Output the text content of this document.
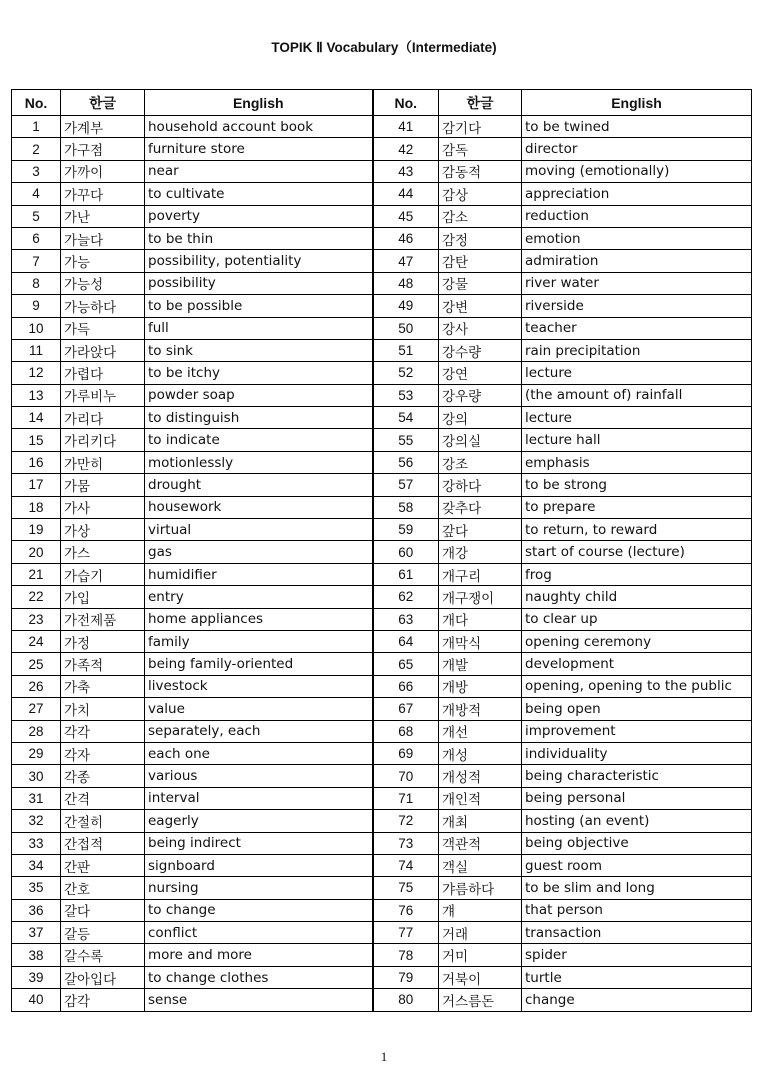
TOPIK Ⅱ Vocabulary（Intermediate)
No.	한글	English	No.	한글	English
1	가계부	household account book	41	감기다	to be twined
2	가구점	furniture store	42	감독	director
3	가까이	near	43	감동적	moving (emotionally)
4	가꾸다	to cultivate	44	감상	appreciation
5	가난	poverty	45	감소	reduction
6	가늘다	to be thin	46	감정	emotion
7	가능	possibility, potentiality	47	감탄	admiration
8	가능성	possibility	48	강물	river water
9	가능하다	to be possible	49	강변	riverside
10	가득	full	50	강사	teacher
11	가라앉다	to sink	51	강수량	rain precipitation
12	가렵다	to be itchy	52	강연	lecture
13	가루비누	powder soap	53	강우량	(the amount of) rainfall
14	가리다	to distinguish	54	강의	lecture
15	가리키다	to indicate	55	강의실	lecture hall
16	가만히	motionlessly	56	강조	emphasis
17	가뭄	drought	57	강하다	to be strong
18	가사	housework	58	갖추다	to prepare
19	가상	virtual	59	갚다	to return, to reward
20	가스	gas	60	개강	start of course (lecture)
21	가습기	humidifier	61	개구리	frog
22	가입	entry	62	개구쟁이	naughty child
23	가전제품	home appliances	63	개다	to clear up
24	가정	family	64	개막식	opening ceremony
25	가족적	being family-oriented	65	개발	development
26	가축	livestock	66	개방	opening, opening to the public
27	가치	value	67	개방적	being open
28	각각	separately, each	68	개선	improvement
29	각자	each one	69	개성	individuality
30	각종	various	70	개성적	being characteristic
31	간격	interval	71	개인적	being personal
32	간절히	eagerly	72	개최	hosting (an event)
33	간접적	being indirect	73	객관적	being objective
34	간판	signboard	74	객실	guest room
35	간호	nursing	75	갸름하다	to be slim and long
36	갈다	to change	76	걔	that person
37	갈등	conflict	77	거래	transaction
38	갈수록	more and more	78	거미	spider
39	갈아입다	to change clothes	79	거북이	turtle
40	감각	sense	80	거스름돈	change
1
